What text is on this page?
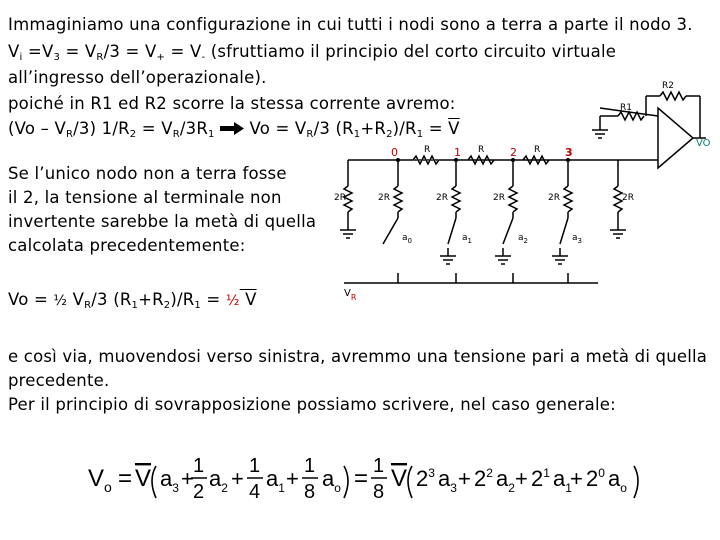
Immaginiamo una configurazione in cui tutti i nodi sono a terra a parte il nodo 3.
$V_i =V_3 = V_R/3 = V_+ = V_-$ (sfruttiamo il principio del corto circuito virtuale
all’ingresso dell’operazionale).
poiché in R1 ed R2 scorre la stessa corrente avremo:
$(Vo - V_R/3)$ $1/R_2 = V_R/3R_1$  $Vo = V_R/3$ $(R_1+R_2)/R_1 = \overline{V}$
Se l’unico nodo non a terra fosse
il 2, la tensione al terminale non
invertente sarebbe la metà di quella
calcolata precedentemente:
Vo = ½ $V_R/3$ $(R_1+R_2)/R_1$ = ½ V
e così via, muovendosi verso sinistra, avremmo una tensione pari a metà di quella
precedente.
Per il principio di sovrapposizione possiamo scrivere, nel caso generale:
0	1	2	3
R	R	R
2R	2R	2R	2R	2R	2R
$a_0$	$a_1$	$a_2$	$a_3$
$V_R$
R1
R2
VO
$V_o = V$ $a_3 + 1$
2
$a_2 + 1$
4
$a_1 + 1$
8
$a_o = 1$
8 V $2^3$ $a_3 + 2^2$ $a_2 + 2^1$ $a_1$
+ $2^0$ $a_o$
